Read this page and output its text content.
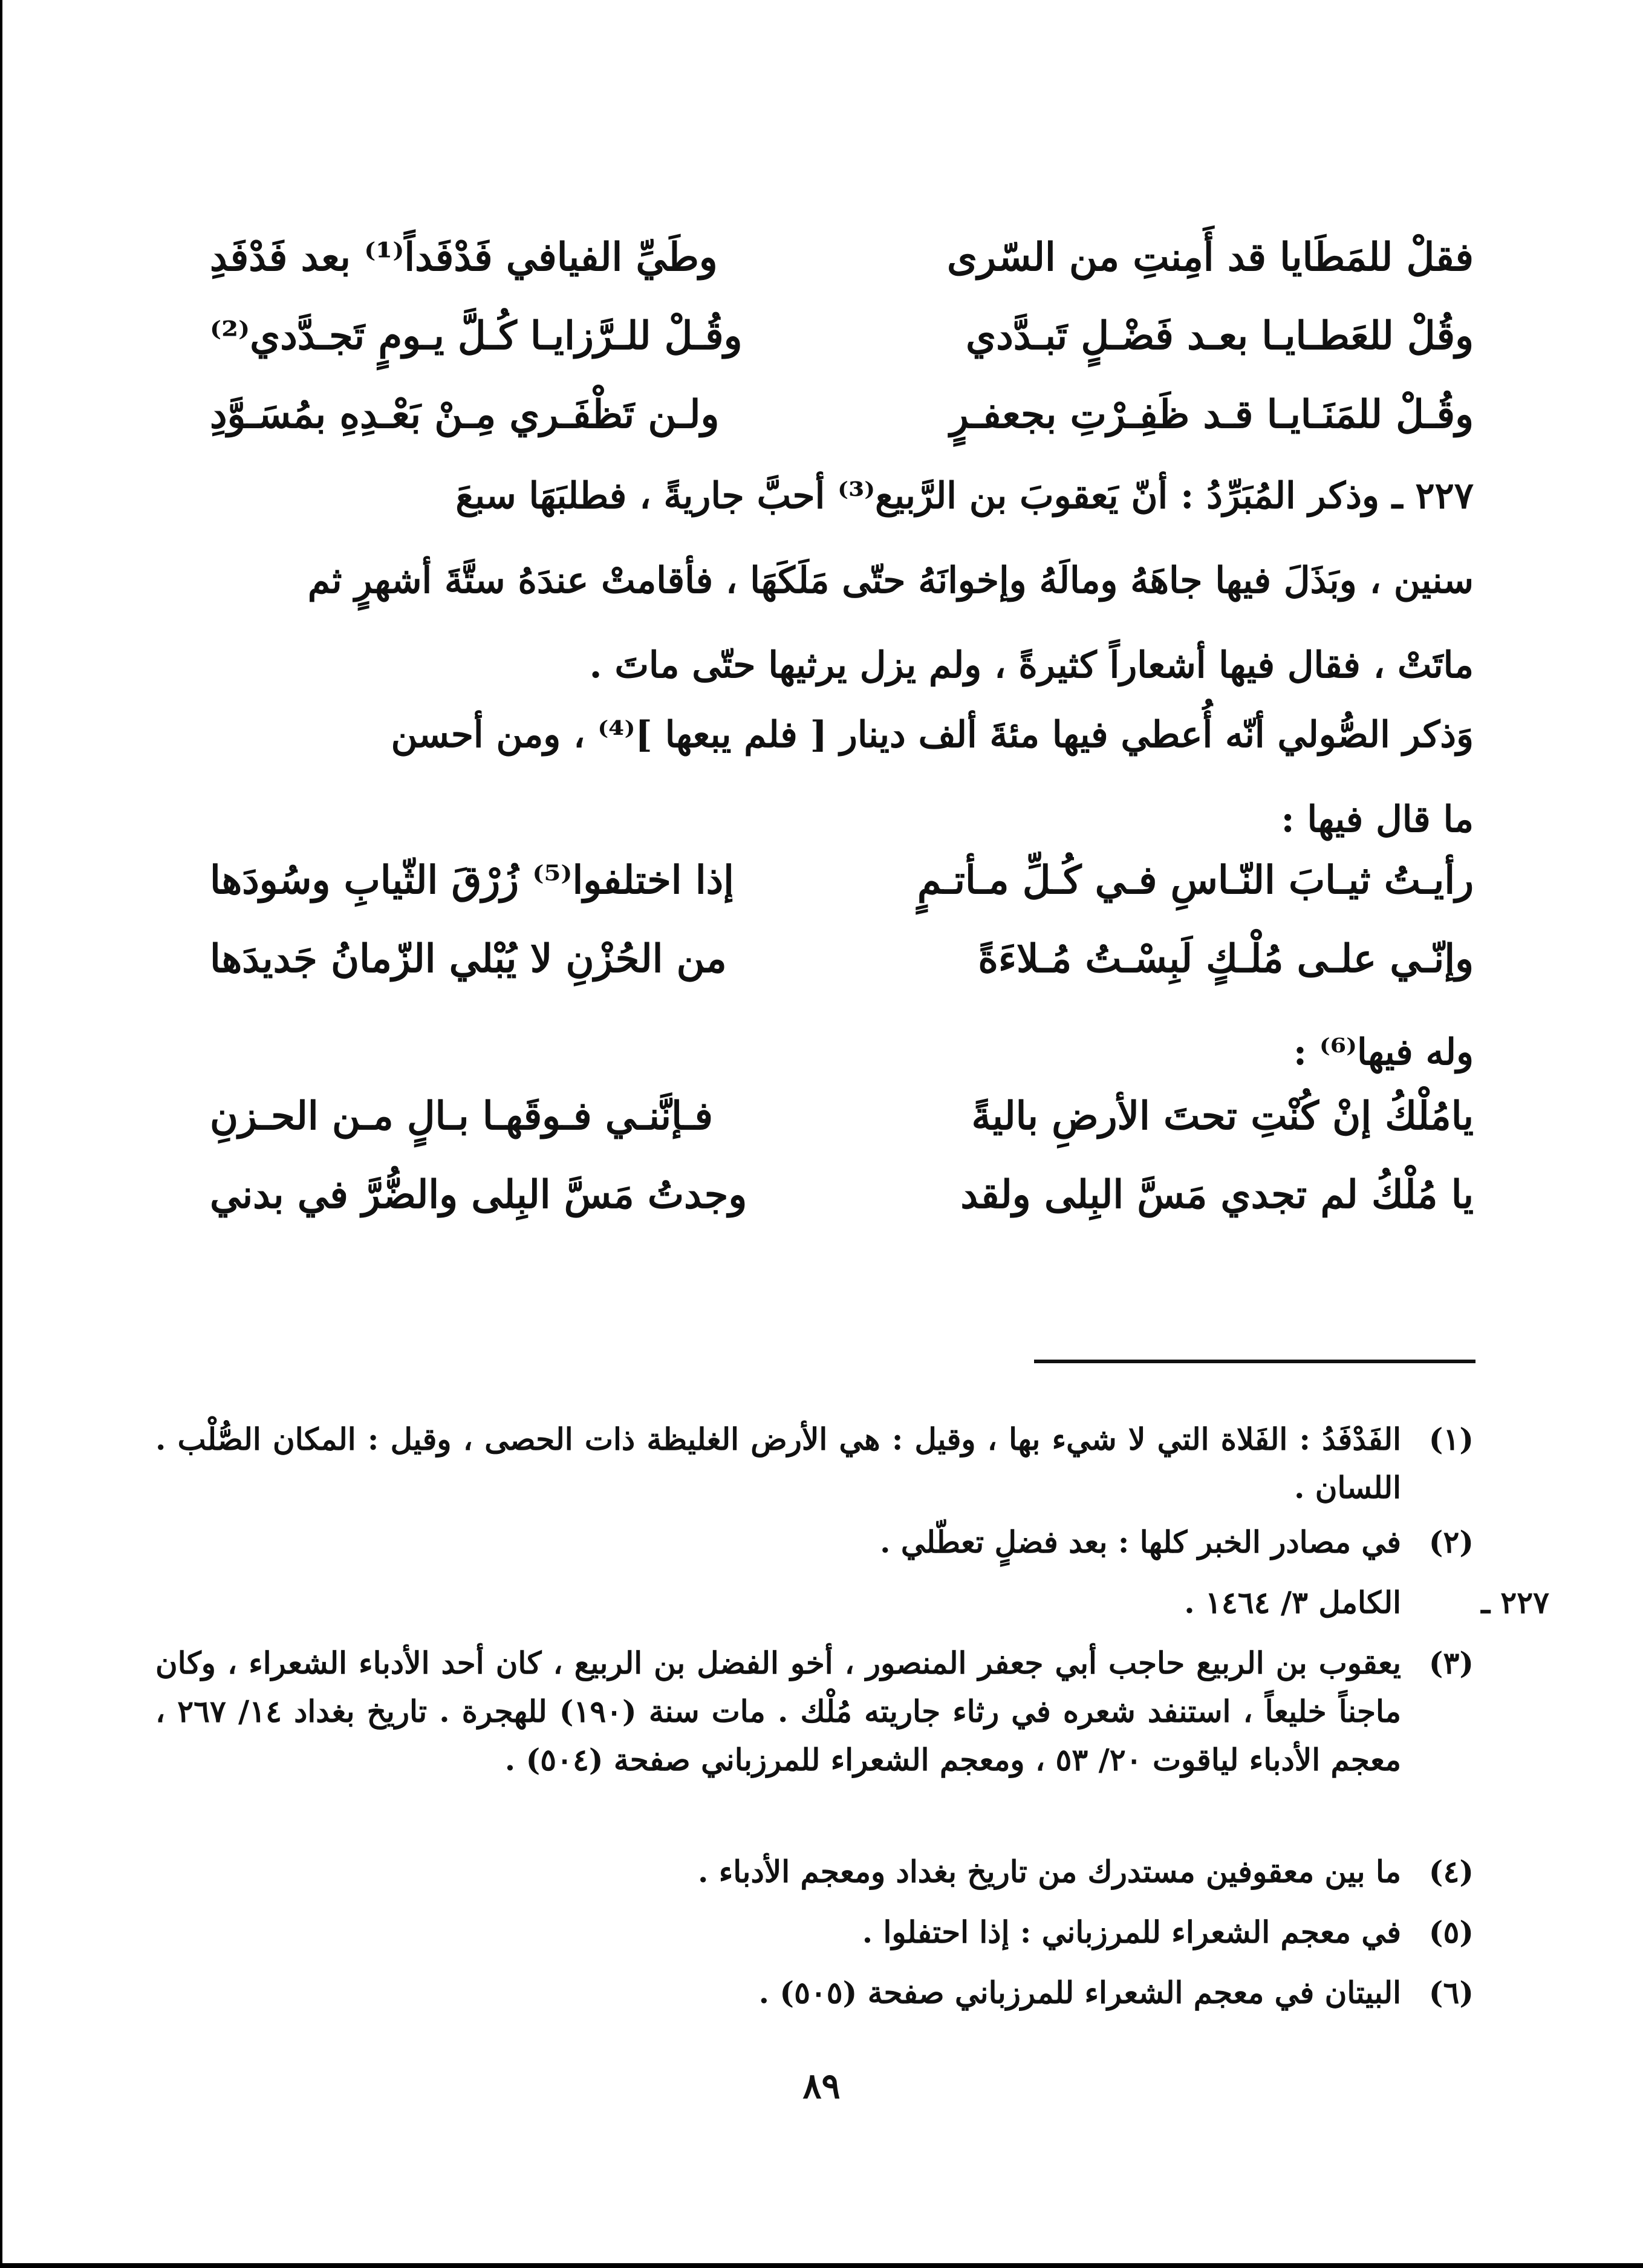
فقلْ للمَطَايا قد أَمِنتِ من السّرى
وطَيِّ الفيافي فَدْفَداً⁽¹⁾ بعد فَدْفَدِ
وقُلْ للعَطـايـا بعـد فَضْـلٍ تَبـدَّدي
وقُـلْ للـرَّزايـا كُـلَّ يـومٍ تَجـدَّدي⁽²⁾
وقُـلْ للمَنَـايـا قـد ظَفِـرْتِ بجعفـرٍ
ولـن تَظْفَـري مِـنْ بَعْـدِهِ بمُسَـوَّدِ
٢٢٧ ـ وذكر المُبَرِّدُ : أنّ يَعقوبَ بن الرَّبيع⁽³⁾ أحبَّ جاريةً ، فطلبَهَا سبعَ
سنين ، وبَذَلَ فيها جاهَهُ ومالَهُ وإخوانَهُ حتّى مَلَكَهَا ، فأقامتْ عندَهُ ستَّةَ أشهرٍ ثم
ماتَتْ ، فقال فيها أشعاراً كثيرةً ، ولم يزل يرثيها حتّى ماتَ .
وَذكر الصُّولي أنّه أُعطي فيها مئةَ ألف دينار [ فلم يبعها ]⁽⁴⁾ ، ومن أحسن
ما قال فيها :
رأيـتُ ثيـابَ النّـاسِ فـي كُـلِّ مـأتـمٍ
إذا اختلفوا⁽⁵⁾ زُرْقَ الثّيابِ وسُودَها
وإنّـي علـى مُلْـكٍ لَبِسْـتُ مُـلاءَةً
من الحُزْنِ لا يُبْلي الزّمانُ جَديدَها
وله فيها⁽⁶⁾ :
يامُلْكُ إنْ كُنْتِ تحتَ الأرضِ باليةً
فـإنَّنـي فـوقَهـا بـالٍ مـن الحـزنِ
يا مُلْكُ لم تجدي مَسَّ البِلى ولقد
وجدتُ مَسَّ البِلى والضُّرَّ في بدني
(١)
الفَدْفَدُ : الفَلاة التي لا شيء بها ، وقيل : هي الأرض الغليظة ذات الحصى ، وقيل : المكان الصُّلْب . اللسان .
(٢)
في مصادر الخبر كلها : بعد فضلٍ تعطّلي .
٢٢٧ ـ
الكامل ٣/ ١٤٦٤ .
(٣)
يعقوب بن الربيع حاجب أبي جعفر المنصور ، أخو الفضل بن الربيع ، كان أحد الأدباء الشعراء ، وكان ماجناً خليعاً ، استنفد شعره في رثاء جاريته مُلْك . مات سنة (١٩٠) للهجرة . تاريخ بغداد ١٤/ ٢٦٧ ، معجم الأدباء لياقوت ٢٠/ ٥٣ ، ومعجم الشعراء للمرزباني صفحة (٥٠٤) .
(٤)
ما بين معقوفين مستدرك من تاريخ بغداد ومعجم الأدباء .
(٥)
في معجم الشعراء للمرزباني : إذا احتفلوا .
(٦)
البيتان في معجم الشعراء للمرزباني صفحة (٥٠٥) .
٨٩
